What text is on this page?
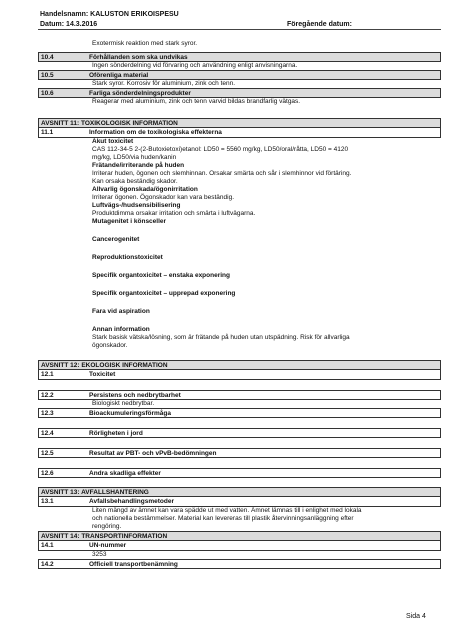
Handelsnamn: KALUSTON ERIKOISPESU
Datum: 14.3.2016	Föregående datum:
Exotermisk reaktion med stark syror.
10.4	Förhållanden som ska undvikas
Ingen sönderdelning vid förvaring och användning enligt anvisningarna.
10.5	Oförenliga material
Stark syror. Korrosiv för aluminium, zink och tenn.
10.6	Farliga sönderdelningsprodukter
Reagerar med aluminium, zink och tenn varvid bildas brandfarlig vätgas.
AVSNITT 11: TOXIKOLOGISK INFORMATION
11.1	Information om de toxikologiska effekterna
Akut toxicitet
CAS 112-34-5 2-(2-Butoxietoxi)etanol: LD50 = 5560 mg/kg, LD50/oral/råtta, LD50 = 4120
mg/kg, LD50/via huden/kanin
Frätande/irriterande på huden
Irriterar huden, ögonen och slemhinnan. Orsakar smärta och sår i slemhinnor vid förtäring.
Kan orsaka beständig skador.
Allvarlig ögonskada/ögonirritation
Irriterar ögonen. Ögonskador kan vara beständig.
Luftvägs-/hudsensibilisering
Produktdimma orsakar irritation och smärta i luftvägarna.
Mutagenitet i könsceller
Cancerogenitet
Reproduktionstoxicitet
Specifik organtoxicitet – enstaka exponering
Specifik organtoxicitet – upprepad exponering
Fara vid aspiration
Annan information
Stark basisk vätska/lösning, som är frätande på huden utan utspädning. Risk för allvarliga
ögonskador.
AVSNITT 12: EKOLOGISK INFORMATION
12.1	Toxicitet
12.2	Persistens och nedbrytbarhet
Biologiskt nedbrytbar.
12.3	Bioackumuleringsförmåga
12.4	Rörligheten i jord
12.5	Resultat av PBT- och vPvB-bedömningen
12.6	Andra skadliga effekter
AVSNITT 13: AVFALLSHANTERING
13.1	Avfallsbehandlingsmetoder
Liten mängd av ämnet kan vara spädde ut med vatten. Ämnet lämnas till i enlighet med lokala
och nationella bestämmelser. Material kan levereras till plastik återvinningsanläggning efter
rengöring.
AVSNITT 14: TRANSPORTINFORMATION
14.1	UN-nummer
3253
14.2	Officiell transportbenämning
Sida 4
